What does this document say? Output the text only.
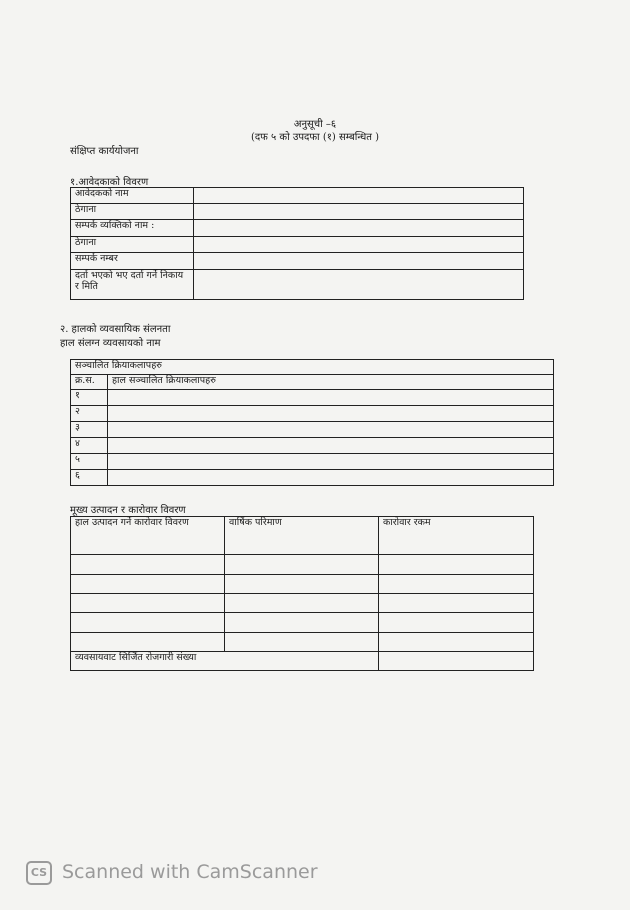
अनुसूची –६
(दफ ५ को उपदफा (१) सम्बन्धित )
संक्षिप्त कार्ययोजना
१.आवेदकाको विवरण
आवेदकको नाम	
ठेगाना	
सम्पर्क व्यक्तिको नाम :	
ठेगाना	
सम्पर्क नम्बर	
दर्ता भएको भए दर्ता गर्ने निकाय र मिति	
२. हालको व्यवसायिक संलनता
हाल संलग्न व्यवसायको नाम
सञ्चालित क्रियाकलापहरु	
क्र.स.	हाल सञ्चालित क्रियाकलापहरु
१	
२	
३	
४	
५	
६	
मूख्य उत्पादन र कारोवार विवरण
हाल उत्पादन गर्ने कारोवार विवरण	वार्षिक परिमाण	कारोवार रकम

व्यवसायवाट सिर्जित रोजगारी संख्या		
CS Scanned with CamScanner
